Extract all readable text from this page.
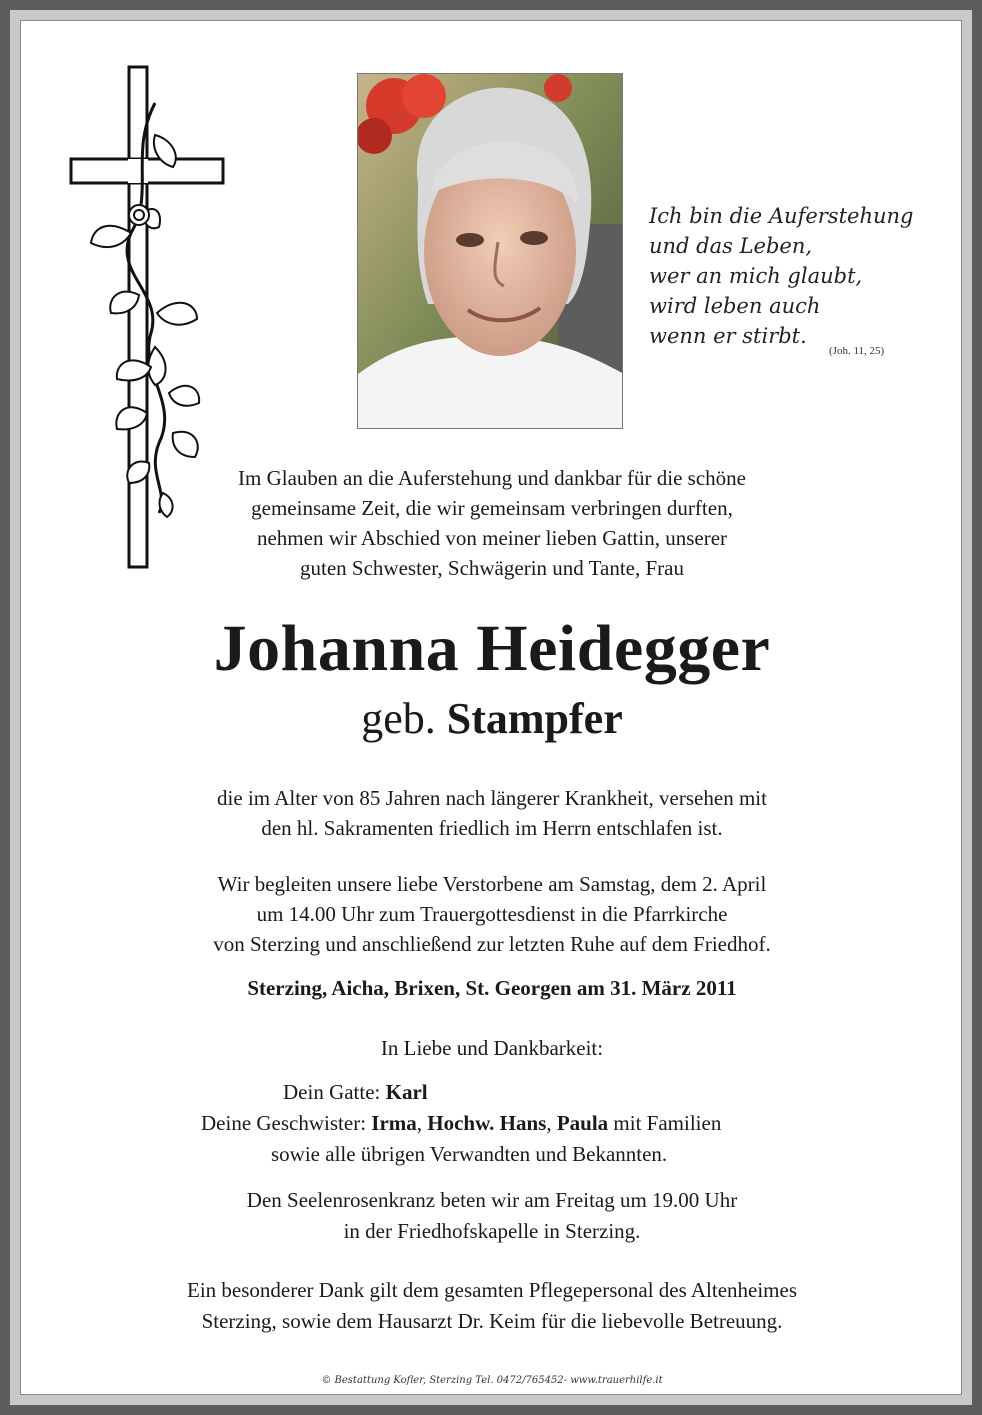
Ich bin die Auferstehung
und das Leben,
wer an mich glaubt,
wird leben auch
wenn er stirbt.
(Joh. 11, 25)
Im Glauben an die Auferstehung und dankbar für die schöne
gemeinsame Zeit, die wir gemeinsam verbringen durften,
nehmen wir Abschied von meiner lieben Gattin, unserer
guten Schwester, Schwägerin und Tante, Frau
Johanna Heidegger
geb. Stampfer
die im Alter von 85 Jahren nach längerer Krankheit, versehen mit
den hl. Sakramenten friedlich im Herrn entschlafen ist.
Wir begleiten unsere liebe Verstorbene am Samstag, dem 2. April
um 14.00 Uhr zum Trauergottesdienst in die Pfarrkirche
von Sterzing und anschließend zur letzten Ruhe auf dem Friedhof.
Sterzing, Aicha, Brixen, St. Georgen am 31. März 2011
In Liebe und Dankbarkeit:
Dein Gatte: Karl
Deine Geschwister: Irma, Hochw. Hans, Paula mit Familien
sowie alle übrigen Verwandten und Bekannten.
Den Seelenrosenkranz beten wir am Freitag um 19.00 Uhr
in der Friedhofskapelle in Sterzing.
Ein besonderer Dank gilt dem gesamten Pflegepersonal des Altenheimes
Sterzing, sowie dem Hausarzt Dr. Keim für die liebevolle Betreuung.
© Bestattung Kofler, Sterzing Tel. 0472/765452- www.trauerhilfe.it
